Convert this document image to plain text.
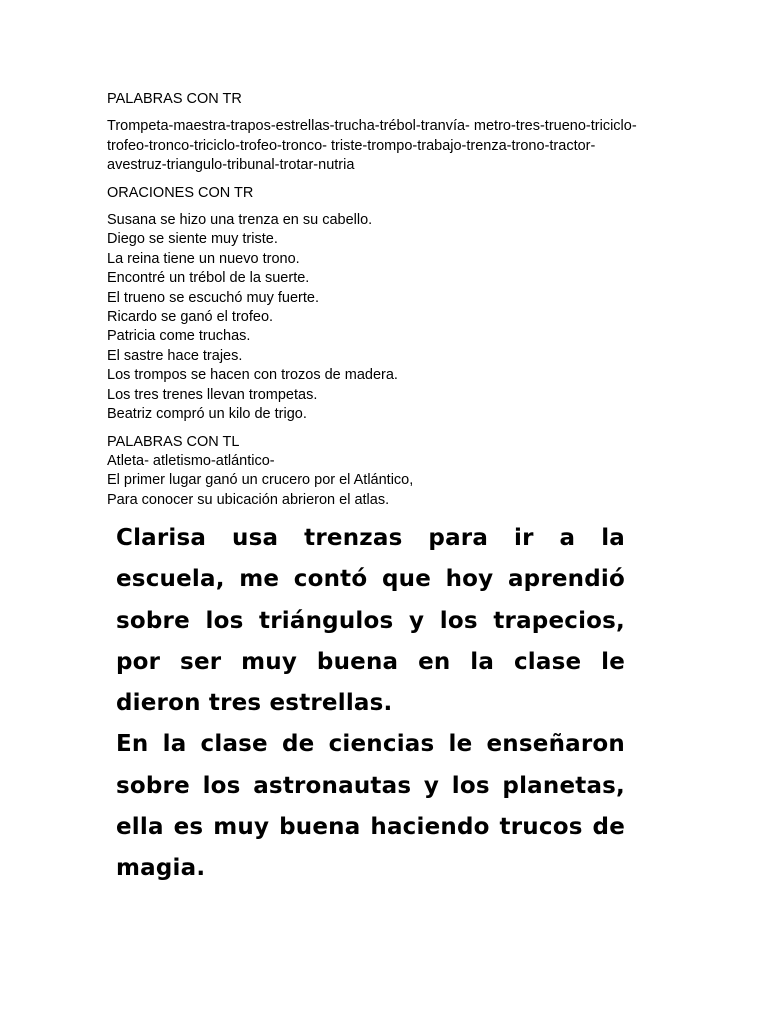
PALABRAS CON TR
Trompeta-maestra-trapos-estrellas-trucha-trébol-tranvía- metro-tres-trueno-triciclo-
trofeo-tronco-triciclo-trofeo-tronco- triste-trompo-trabajo-trenza-trono-tractor-
avestruz-triangulo-tribunal-trotar-nutria
ORACIONES CON TR
Susana se hizo una trenza en su cabello.
Diego se siente muy triste.
La reina tiene un nuevo trono.
Encontré un trébol de la suerte.
El trueno se escuchó muy fuerte.
Ricardo se ganó el trofeo.
Patricia come truchas.
El sastre hace trajes.
Los trompos se hacen con trozos de madera.
Los tres trenes llevan trompetas.
Beatriz compró un kilo de trigo.
PALABRAS CON TL
Atleta- atletismo-atlántico-
El primer lugar ganó un crucero por el Atlántico,
Para conocer su ubicación abrieron el atlas.

Clarisa usa trenzas para ir a la escuela, me contó que hoy aprendió sobre los triángulos y los trapecios, por ser muy buena en la clase le dieron tres estrellas.

En la clase de ciencias le enseñaron sobre los astronautas y los planetas, ella es muy buena haciendo trucos de magia.
